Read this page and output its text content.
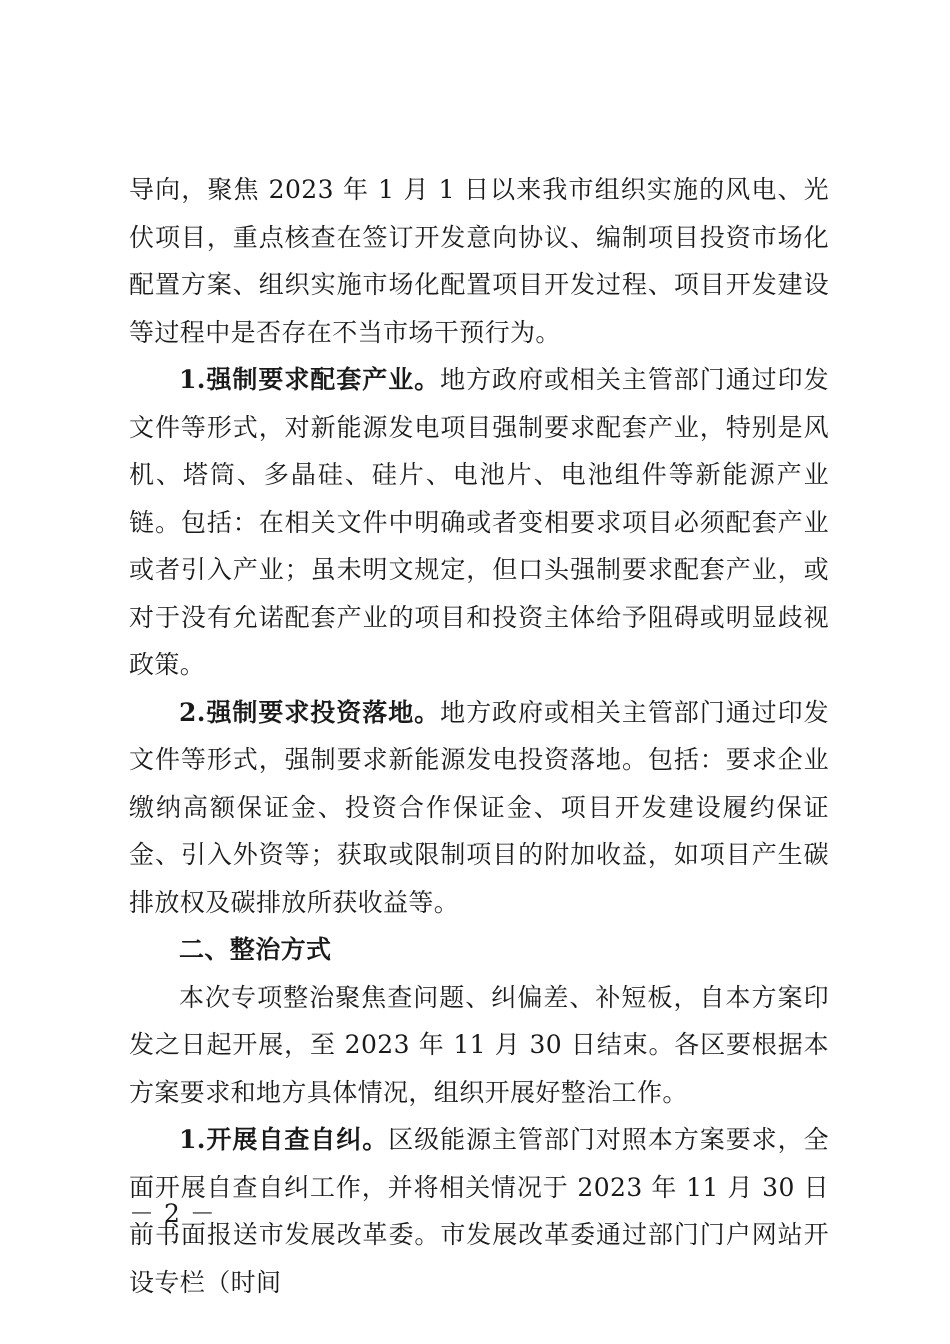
导向，聚焦 2023 年 1 月 1 日以来我市组织实施的风电、光伏项目，重点核查在签订开发意向协议、编制项目投资市场化配置方案、组织实施市场化配置项目开发过程、项目开发建设等过程中是否存在不当市场干预行为。

1.强制要求配套产业。地方政府或相关主管部门通过印发文件等形式，对新能源发电项目强制要求配套产业，特别是风机、塔筒、多晶硅、硅片、电池片、电池组件等新能源产业链。包括：在相关文件中明确或者变相要求项目必须配套产业或者引入产业；虽未明文规定，但口头强制要求配套产业，或对于没有允诺配套产业的项目和投资主体给予阻碍或明显歧视政策。

2.强制要求投资落地。地方政府或相关主管部门通过印发文件等形式，强制要求新能源发电投资落地。包括：要求企业缴纳高额保证金、投资合作保证金、项目开发建设履约保证金、引入外资等；获取或限制项目的附加收益，如项目产生碳排放权及碳排放所获收益等。

二、整治方式

本次专项整治聚焦查问题、纠偏差、补短板，自本方案印发之日起开展，至 2023 年 11 月 30 日结束。各区要根据本方案要求和地方具体情况，组织开展好整治工作。

1.开展自查自纠。区级能源主管部门对照本方案要求，全面开展自查自纠工作，并将相关情况于 2023 年 11 月 30 日前书面报送市发展改革委。市发展改革委通过部门门户网站开设专栏（时间

－ 2 －
